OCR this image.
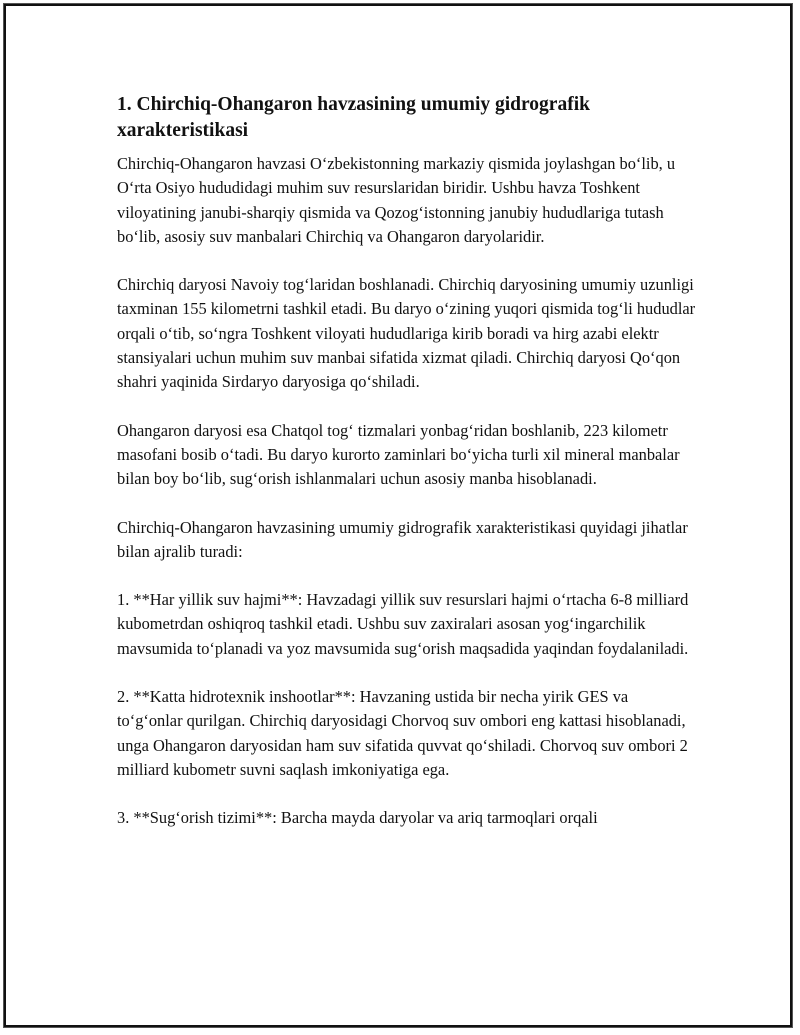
1. Chirchiq-Ohangaron havzasining umumiy gidrografik xarakteristikasi

Chirchiq-Ohangaron havzasi O‘zbekistonning markaziy qismida joylashgan bo‘lib, u O‘rta Osiyo hududidagi muhim suv resurslaridan biridir. Ushbu havza Toshkent viloyatining janubi-sharqiy qismida va Qozog‘istonning janubiy hududlariga tutash bo‘lib, asosiy suv manbalari Chirchiq va Ohangaron daryolaridir.

Chirchiq daryosi Navoiy tog‘laridan boshlanadi. Chirchiq daryosining umumiy uzunligi taxminan 155 kilometrni tashkil etadi. Bu daryo o‘zining yuqori qismida tog‘li hududlar orqali o‘tib, so‘ngra Toshkent viloyati hududlariga kirib boradi va hirg azabi elektr stansiyalari uchun muhim suv manbai sifatida xizmat qiladi. Chirchiq daryosi Qo‘qon shahri yaqinida Sirdaryo daryosiga qo‘shiladi.

Ohangaron daryosi esa Chatqol tog‘ tizmalari yonbag‘ridan boshlanib, 223 kilometr masofani bosib o‘tadi. Bu daryo kurorto zaminlari bo‘yicha turli xil mineral manbalar bilan boy bo‘lib, sug‘orish ishlanmalari uchun asosiy manba hisoblanadi.

Chirchiq-Ohangaron havzasining umumiy gidrografik xarakteristikasi quyidagi jihatlar bilan ajralib turadi:

1. **Har yillik suv hajmi**: Havzadagi yillik suv resurslari hajmi o‘rtacha 6-8 milliard kubometrdan oshiqroq tashkil etadi. Ushbu suv zaxiralari asosan yog‘ingarchilik mavsumida to‘planadi va yoz mavsumida sug‘orish maqsadida yaqindan foydalaniladi.

2. **Katta hidrotexnik inshootlar**: Havzaning ustida bir necha yirik GES va to‘g‘onlar qurilgan. Chirchiq daryosidagi Chorvoq suv ombori eng kattasi hisoblanadi, unga Ohangaron daryosidan ham suv sifatida quvvat qo‘shiladi. Chorvoq suv ombori 2 milliard kubometr suvni saqlash imkoniyatiga ega.

3. **Sug‘orish tizimi**: Barcha mayda daryolar va ariq tarmoqlari orqali
